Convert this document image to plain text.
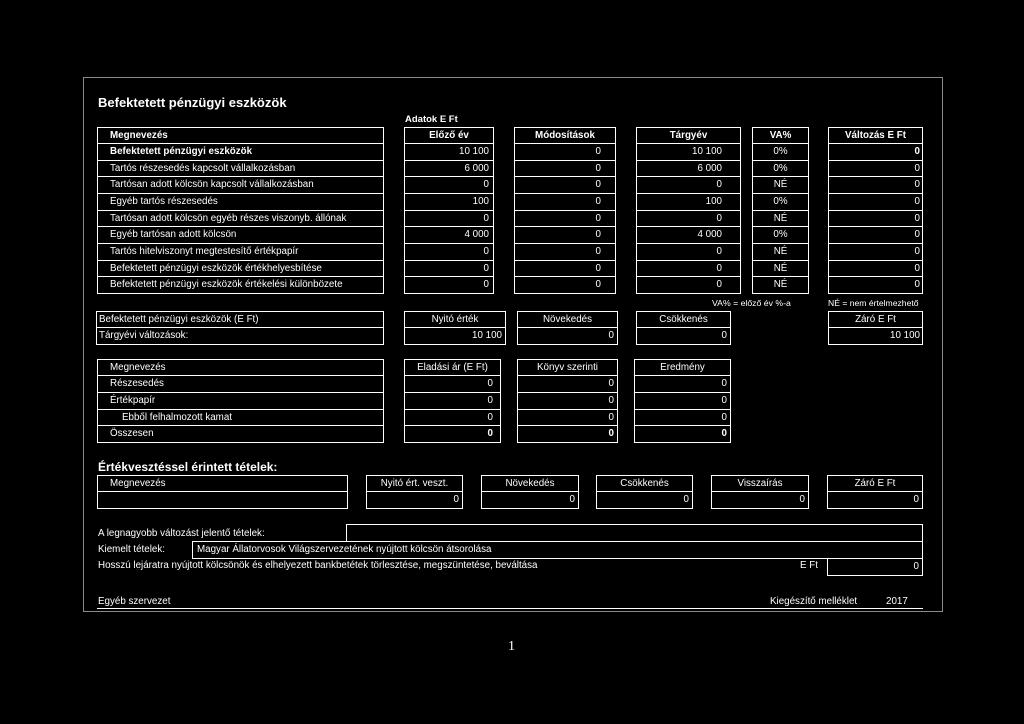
Befektetett pénzügyi eszközök
Adatok E Ft
Megnevezés	Előző év	Módosítások	Tárgyév	VA%	Változás E Ft
Befektetett pénzügyi eszközök	10 100	0	10 100	0%	0
Tartós részesedés kapcsolt vállalkozásban	6 000	0	6 000	0%	0
Tartósan adott kölcsön kapcsolt vállalkozásban	0	0	0	NÉ	0
Egyéb tartós részesedés	100	0	100	0%	0
Tartósan adott kölcsön egyéb részes viszonyb. állónak	0	0	0	NÉ	0
Egyéb tartósan adott kölcsön	4 000	0	4 000	0%	0
Tartós hitelviszonyt megtestesítő értékpapír	0	0	0	NÉ	0
Befektetett pénzügyi eszközök értékhelyesbítése	0	0	0	NÉ	0
Befektetett pénzügyi eszközök értékelési különbözete	0	0	0	NÉ	0
VA% = előző év %-a	NÉ = nem értelmezhető
Befektetett pénzügyi eszközök (E Ft)	Nyitó érték	Növekedés	Csökkenés	Záró E Ft
Tárgyévi változások:	10 100	0	0	10 100
Megnevezés	Eladási ár (E Ft)	Könyv szerinti	Eredmény
Részesedés	0	0	0
Értékpapír	0	0	0
Ebből felhalmozott kamat	0	0	0
Összesen	0	0	0
Értékvesztéssel érintett tételek:
Megnevezés	Nyitó ért. veszt.	Növekedés	Csökkenés	Visszaírás	Záró E Ft
0	0	0	0	0
A legnagyobb változást jelentő tételek:
Kiemelt tételek:	Magyar Állatorvosok Világszervezetének nyújtott kölcsön átsorolása
Hosszú lejáratra nyújtott kölcsönök és elhelyezett bankbetétek törlesztése, megszüntetése, beváltása	E Ft	0
Egyéb szervezet	Kiegészítő melléklet	2017
1
